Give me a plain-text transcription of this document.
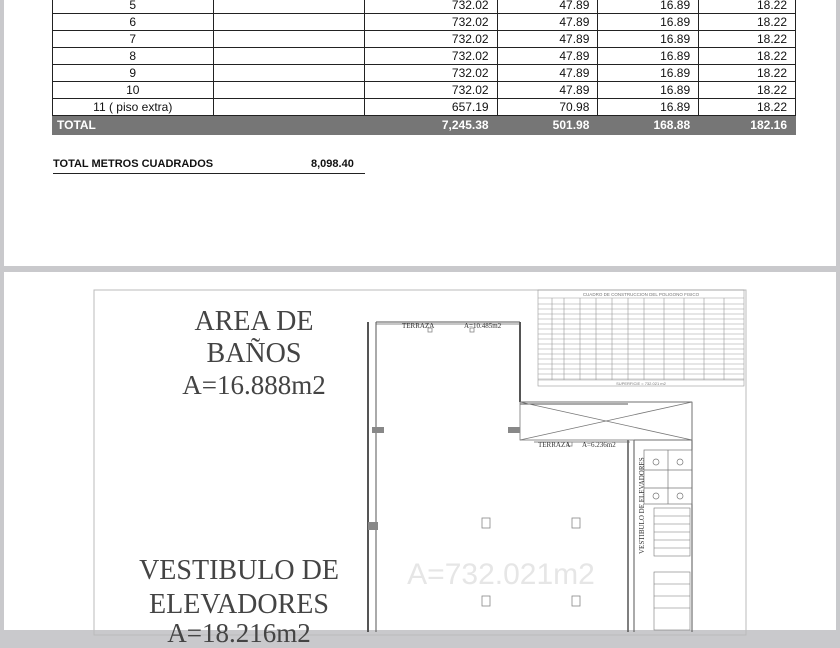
5		732.02	47.89	16.89	18.22
6		732.02	47.89	16.89	18.22
7		732.02	47.89	16.89	18.22
8		732.02	47.89	16.89	18.22
9		732.02	47.89	16.89	18.22
10		732.02	47.89	16.89	18.22
11 ( piso extra)		657.19	70.98	16.89	18.22
TOTAL		7,245.38	501.98	168.88	182.16
TOTAL METROS CUADRADOS	8,098.40
CUADRO DE CONSTRUCCION DEL POLIGONO FISICO
SUPERFICIE = 732.021 m2
TERRAZA	A=10.485m2
TERRAZA A=6.236m2
VESTIBULO DE ELEVADORES
A=732.021m2
AREA DE
BAÑOS
A=16.888m2
VESTIBULO DE
ELEVADORES
A=18.216m2
